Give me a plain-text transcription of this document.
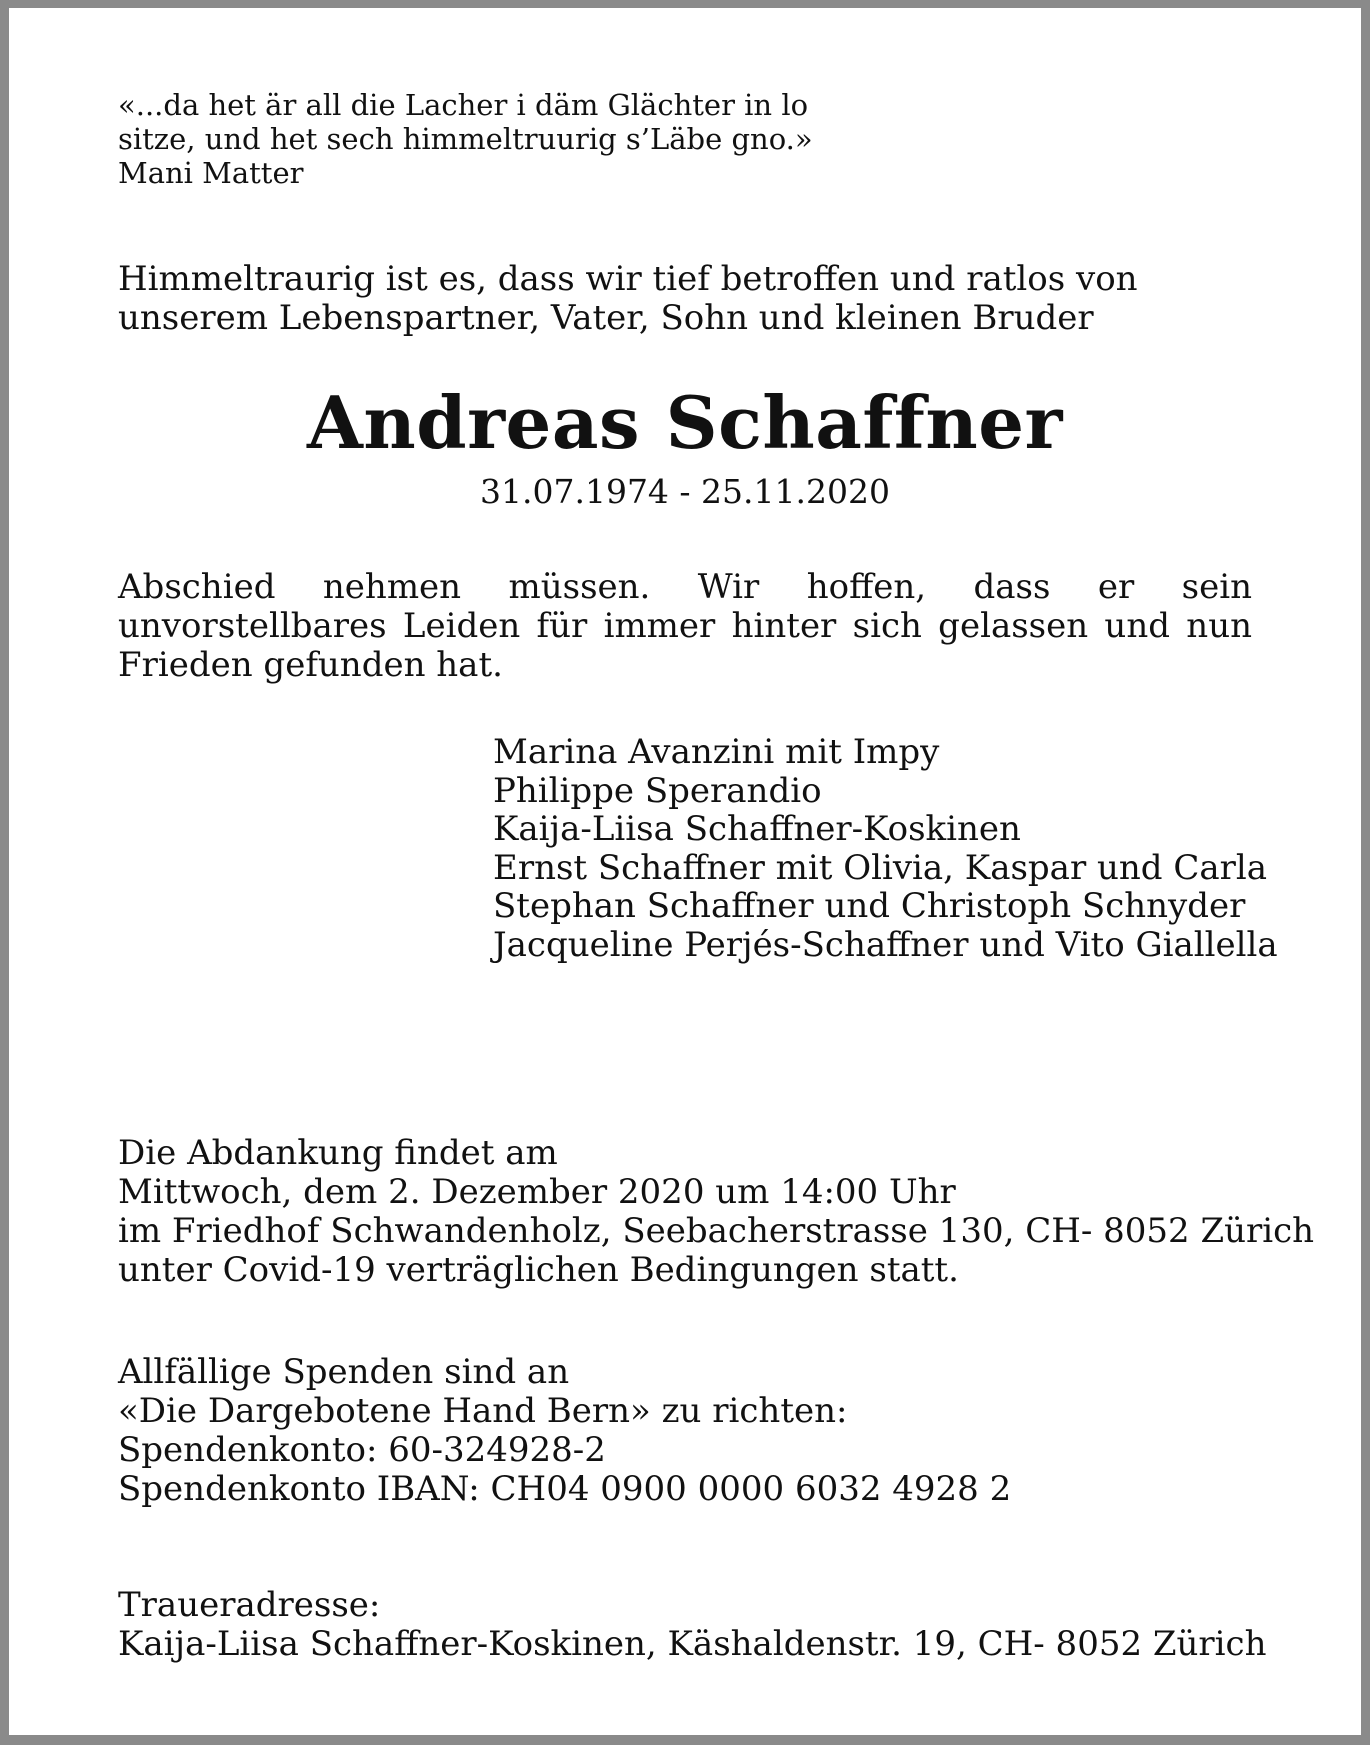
«...da het är all die Lacher i däm Glächter in lo
sitze, und het sech himmeltruurig s’Läbe gno.»
Mani Matter
Himmeltraurig ist es, dass wir tief betroffen und ratlos von
unserem Lebenspartner, Vater, Sohn und kleinen Bruder
Andreas Schaffner
31.07.1974 - 25.11.2020
Abschied nehmen müssen. Wir hoffen, dass er sein unvorstellbares Leiden für immer hinter sich gelassen und nun Frieden gefunden hat.
Marina Avanzini mit Impy
Philippe Sperandio
Kaija-Liisa Schaffner-Koskinen
Ernst Schaffner mit Olivia, Kaspar und Carla
Stephan Schaffner und Christoph Schnyder
Jacqueline Perjés-Schaffner und Vito Giallella
Die Abdankung findet am
Mittwoch, dem 2. Dezember 2020 um 14:00 Uhr
im Friedhof Schwandenholz, Seebacherstrasse 130, CH- 8052 Zürich
unter Covid-19 verträglichen Bedingungen statt.
Allfällige Spenden sind an
«Die Dargebotene Hand Bern» zu richten:
Spendenkonto: 60-324928-2
Spendenkonto IBAN: CH04 0900 0000 6032 4928 2
Traueradresse:
Kaija-Liisa Schaffner-Koskinen, Käshaldenstr. 19, CH- 8052 Zürich
